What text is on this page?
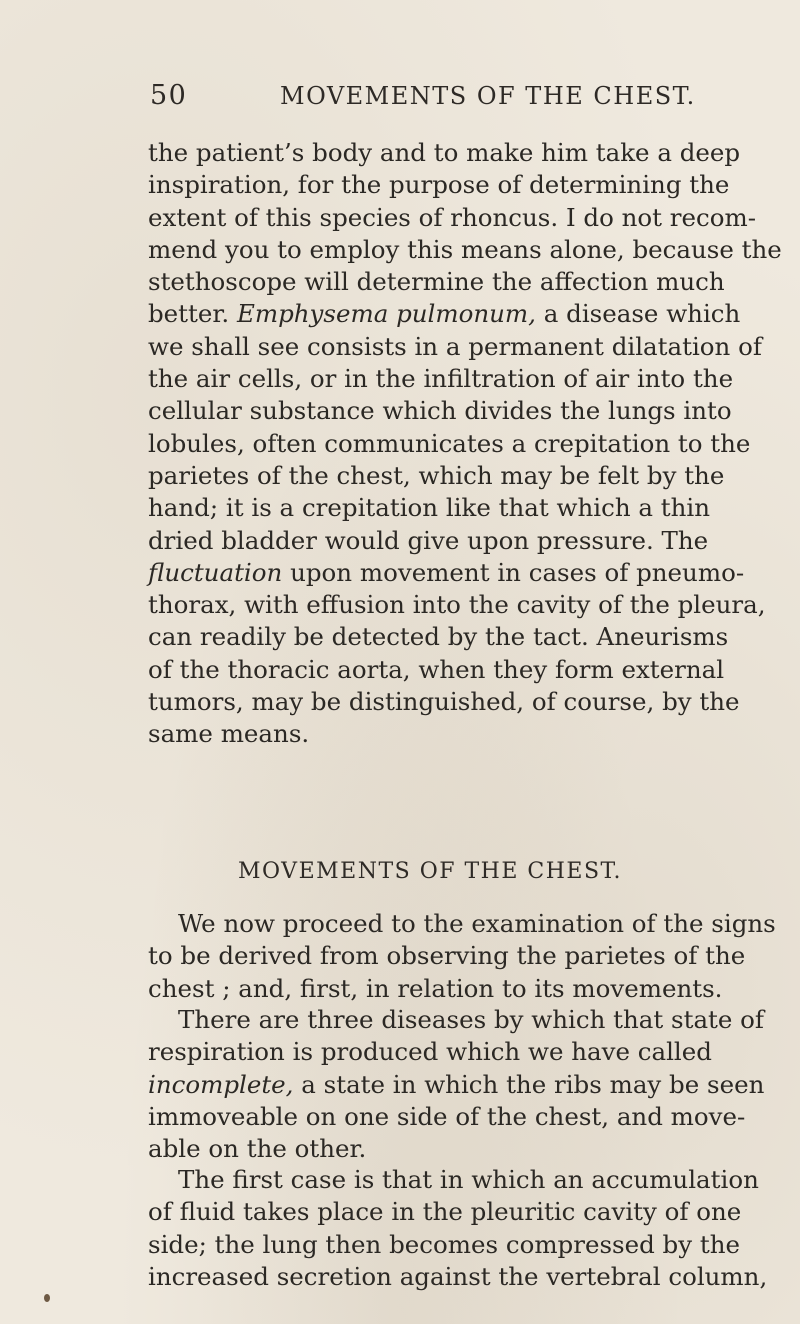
50	MOVEMENTS OF THE CHEST.
the patient’s body and to make him take a deep
inspiration, for the purpose of determining the
extent of this species of rhoncus. I do not recom-
mend you to employ this means alone, because the
stethoscope will determine the affection much
better. Emphysema pulmonum, a disease which
we shall see consists in a permanent dilatation of
the air cells, or in the infiltration of air into the
cellular substance which divides the lungs into
lobules, often communicates a crepitation to the
parietes of the chest, which may be felt by the
hand; it is a crepitation like that which a thin
dried bladder would give upon pressure. The
fluctuation upon movement in cases of pneumo-
thorax, with effusion into the cavity of the pleura,
can readily be detected by the tact. Aneurisms
of the thoracic aorta, when they form external
tumors, may be distinguished, of course, by the
same means.
MOVEMENTS OF THE CHEST.
We now proceed to the examination of the signs
to be derived from observing the parietes of the
chest ; and, first, in relation to its movements.
There are three diseases by which that state of
respiration is produced which we have called
incomplete, a state in which the ribs may be seen
immoveable on one side of the chest, and move-
able on the other.
The first case is that in which an accumulation
of fluid takes place in the pleuritic cavity of one
side; the lung then becomes compressed by the
increased secretion against the vertebral column,
